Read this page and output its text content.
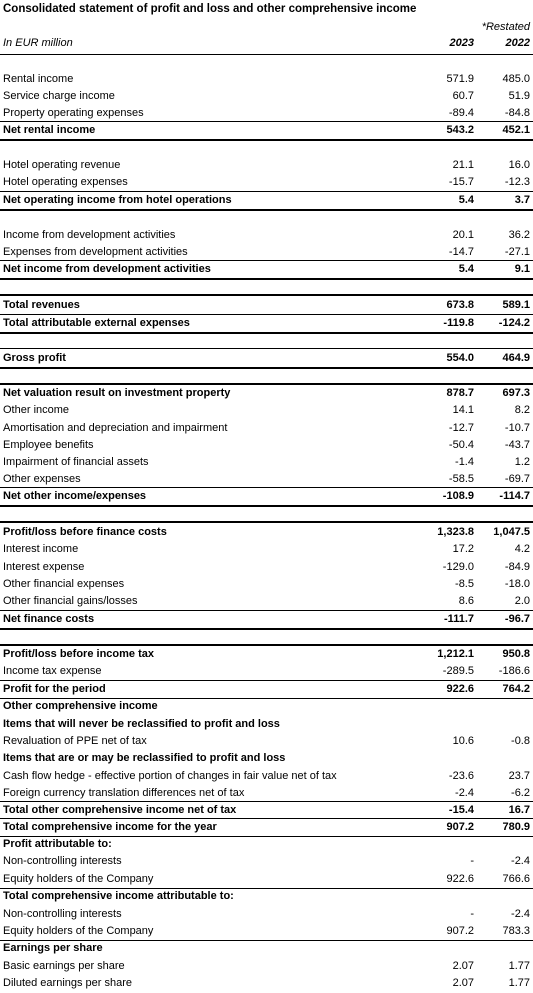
Consolidated statement of profit and loss and other comprehensive income
*Restated
In EUR million	2023	2022
Rental income	571.9	485.0
Service charge income	60.7	51.9
Property operating expenses	-89.4	-84.8
Net rental income	543.2	452.1
Hotel operating revenue	21.1	16.0
Hotel operating expenses	-15.7	-12.3
Net operating income from hotel operations	5.4	3.7
Income from development activities	20.1	36.2
Expenses from development activities	-14.7	-27.1
Net income from development activities	5.4	9.1
Total revenues	673.8	589.1
Total attributable external expenses	-119.8 -124.2
Gross profit	554.0	464.9
Net valuation result on investment property	878.7	697.3
Other income	14.1	8.2
Amortisation and depreciation and impairment	-12.7	-10.7
Employee benefits	-50.4	-43.7
Impairment of financial assets	-1.4	1.2
Other expenses	-58.5	-69.7
Net other income/expenses	-108.9 -114.7
Profit/loss before finance costs	1,323.8 1,047.5
Interest income	17.2	4.2
Interest expense	-129.0	-84.9
Other financial expenses	-8.5	-18.0
Other financial gains/losses	8.6	2.0
Net finance costs	-111.7	-96.7
Profit/loss before income tax	1,212.1	950.8
Income tax expense	-289.5 -186.6
Profit for the period	922.6	764.2
Other comprehensive income
Items that will never be reclassified to profit and loss
Revaluation of PPE net of tax	10.6	-0.8
Items that are or may be reclassified to profit and loss
Cash flow hedge - effective portion of changes in fair value net of tax	-23.6	23.7
Foreign currency translation differences net of tax	-2.4	-6.2
Total other comprehensive income net of tax	-15.4	16.7
Total comprehensive income for the year	907.2	780.9
Profit attributable to:
Non-controlling interests	-	-2.4
Equity holders of the Company	922.6	766.6
Total comprehensive income attributable to:
Non-controlling interests	-	-2.4
Equity holders of the Company	907.2	783.3
Earnings per share
Basic earnings per share	2.07	1.77
Diluted earnings per share	2.07	1.77
